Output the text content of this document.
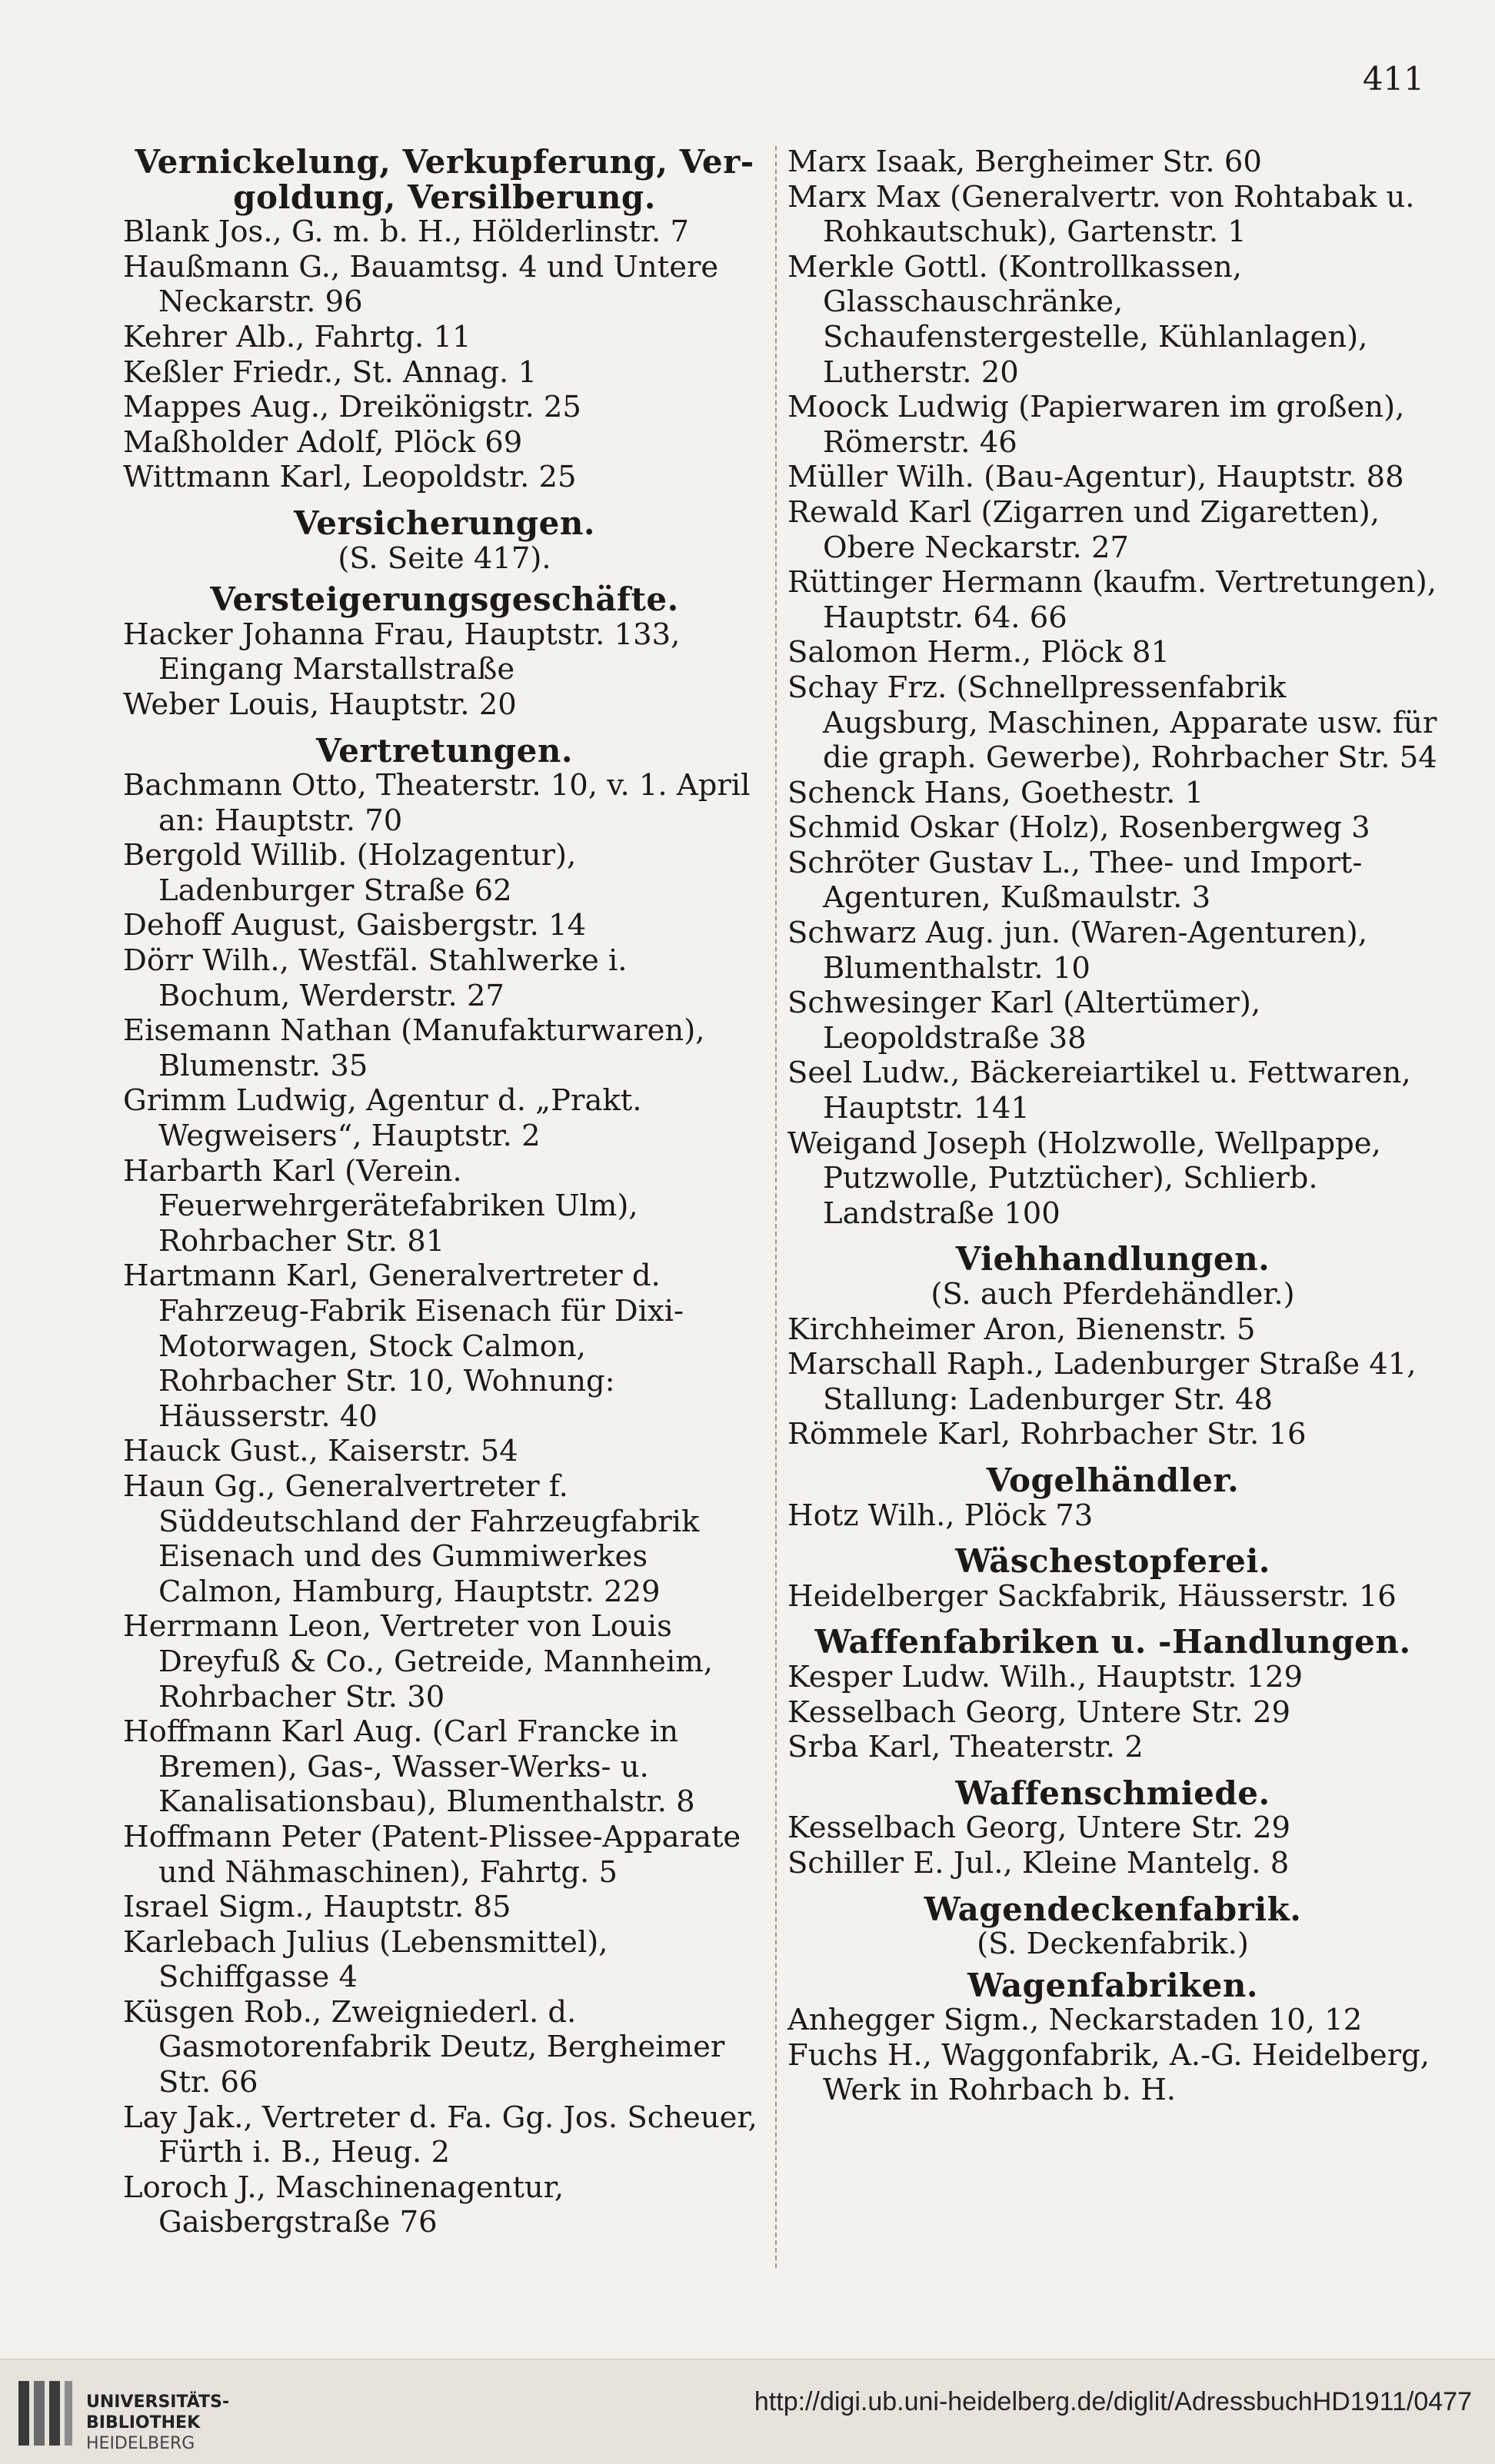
411
Vernickelung, Verkupferung, Ver-
goldung, Versilberung.
Blank Jos., G. m. b. H., Hölderlinstr. 7
Haußmann G., Bauamtsg. 4 und Untere Neckarstr. 96
Kehrer Alb., Fahrtg. 11
Keßler Friedr., St. Annag. 1
Mappes Aug., Dreikönigstr. 25
Maßholder Adolf, Plöck 69
Wittmann Karl, Leopoldstr. 25
Versicherungen.
(S. Seite 417).
Versteigerungsgeschäfte.
Hacker Johanna Frau, Hauptstr. 133, Eingang Marstallstraße
Weber Louis, Hauptstr. 20
Vertretungen.
Bachmann Otto, Theaterstr. 10, v. 1. April an: Hauptstr. 70
Bergold Willib. (Holzagentur), Ladenburger Straße 62
Dehoff August, Gaisbergstr. 14
Dörr Wilh., Westfäl. Stahlwerke i. Bochum, Werderstr. 27
Eisemann Nathan (Manufakturwaren), Blumenstr. 35
Grimm Ludwig, Agentur d. „Prakt. Wegweisers“, Hauptstr. 2
Harbarth Karl (Verein. Feuerwehrgerätefabriken Ulm), Rohrbacher Str. 81
Hartmann Karl, Generalvertreter d. Fahrzeug-Fabrik Eisenach für Dixi-Motorwagen, Stock Calmon, Rohrbacher Str. 10, Wohnung: Häusserstr. 40
Hauck Gust., Kaiserstr. 54
Haun Gg., Generalvertreter f. Süddeutschland der Fahrzeugfabrik Eisenach und des Gummiwerkes Calmon, Hamburg, Hauptstr. 229
Herrmann Leon, Vertreter von Louis Dreyfuß & Co., Getreide, Mannheim, Rohrbacher Str. 30
Hoffmann Karl Aug. (Carl Francke in Bremen), Gas-, Wasser-Werks- u. Kanalisationsbau), Blumenthalstr. 8
Hoffmann Peter (Patent-Plissee-Apparate und Nähmaschinen), Fahrtg. 5
Israel Sigm., Hauptstr. 85
Karlebach Julius (Lebensmittel), Schiffgasse 4
Küsgen Rob., Zweigniederl. d. Gasmotorenfabrik Deutz, Bergheimer Str. 66
Lay Jak., Vertreter d. Fa. Gg. Jos. Scheuer, Fürth i. B., Heug. 2
Loroch J., Maschinenagentur, Gaisbergstraße 76
Marx Isaak, Bergheimer Str. 60
Marx Max (Generalvertr. von Rohtabak u. Rohkautschuk), Gartenstr. 1
Merkle Gottl. (Kontrollkassen, Glasschauschränke, Schaufenstergestelle, Kühlanlagen), Lutherstr. 20
Moock Ludwig (Papierwaren im großen), Römerstr. 46
Müller Wilh. (Bau-Agentur), Hauptstr. 88
Rewald Karl (Zigarren und Zigaretten), Obere Neckarstr. 27
Rüttinger Hermann (kaufm. Vertretungen), Hauptstr. 64. 66
Salomon Herm., Plöck 81
Schay Frz. (Schnellpressenfabrik Augsburg, Maschinen, Apparate usw. für die graph. Gewerbe), Rohrbacher Str. 54
Schenck Hans, Goethestr. 1
Schmid Oskar (Holz), Rosenbergweg 3
Schröter Gustav L., Thee- und Import-Agenturen, Kußmaulstr. 3
Schwarz Aug. jun. (Waren-Agenturen), Blumenthalstr. 10
Schwesinger Karl (Altertümer), Leopoldstraße 38
Seel Ludw., Bäckereiartikel u. Fettwaren, Hauptstr. 141
Weigand Joseph (Holzwolle, Wellpappe, Putzwolle, Putztücher), Schlierb. Landstraße 100
Viehhandlungen.
(S. auch Pferdehändler.)
Kirchheimer Aron, Bienenstr. 5
Marschall Raph., Ladenburger Straße 41, Stallung: Ladenburger Str. 48
Römmele Karl, Rohrbacher Str. 16
Vogelhändler.
Hotz Wilh., Plöck 73
Wäschestopferei.
Heidelberger Sackfabrik, Häusserstr. 16
Waffenfabriken u. -Handlungen.
Kesper Ludw. Wilh., Hauptstr. 129
Kesselbach Georg, Untere Str. 29
Srba Karl, Theaterstr. 2
Waffenschmiede.
Kesselbach Georg, Untere Str. 29
Schiller E. Jul., Kleine Mantelg. 8
Wagendeckenfabrik.
(S. Deckenfabrik.)
Wagenfabriken.
Anhegger Sigm., Neckarstaden 10, 12
Fuchs H., Waggonfabrik, A.-G. Heidelberg, Werk in Rohrbach b. H.
UNIVERSITÄTS-
BIBLIOTHEK
HEIDELBERG
http://digi.ub.uni-heidelberg.de/diglit/AdressbuchHD1911/0477
